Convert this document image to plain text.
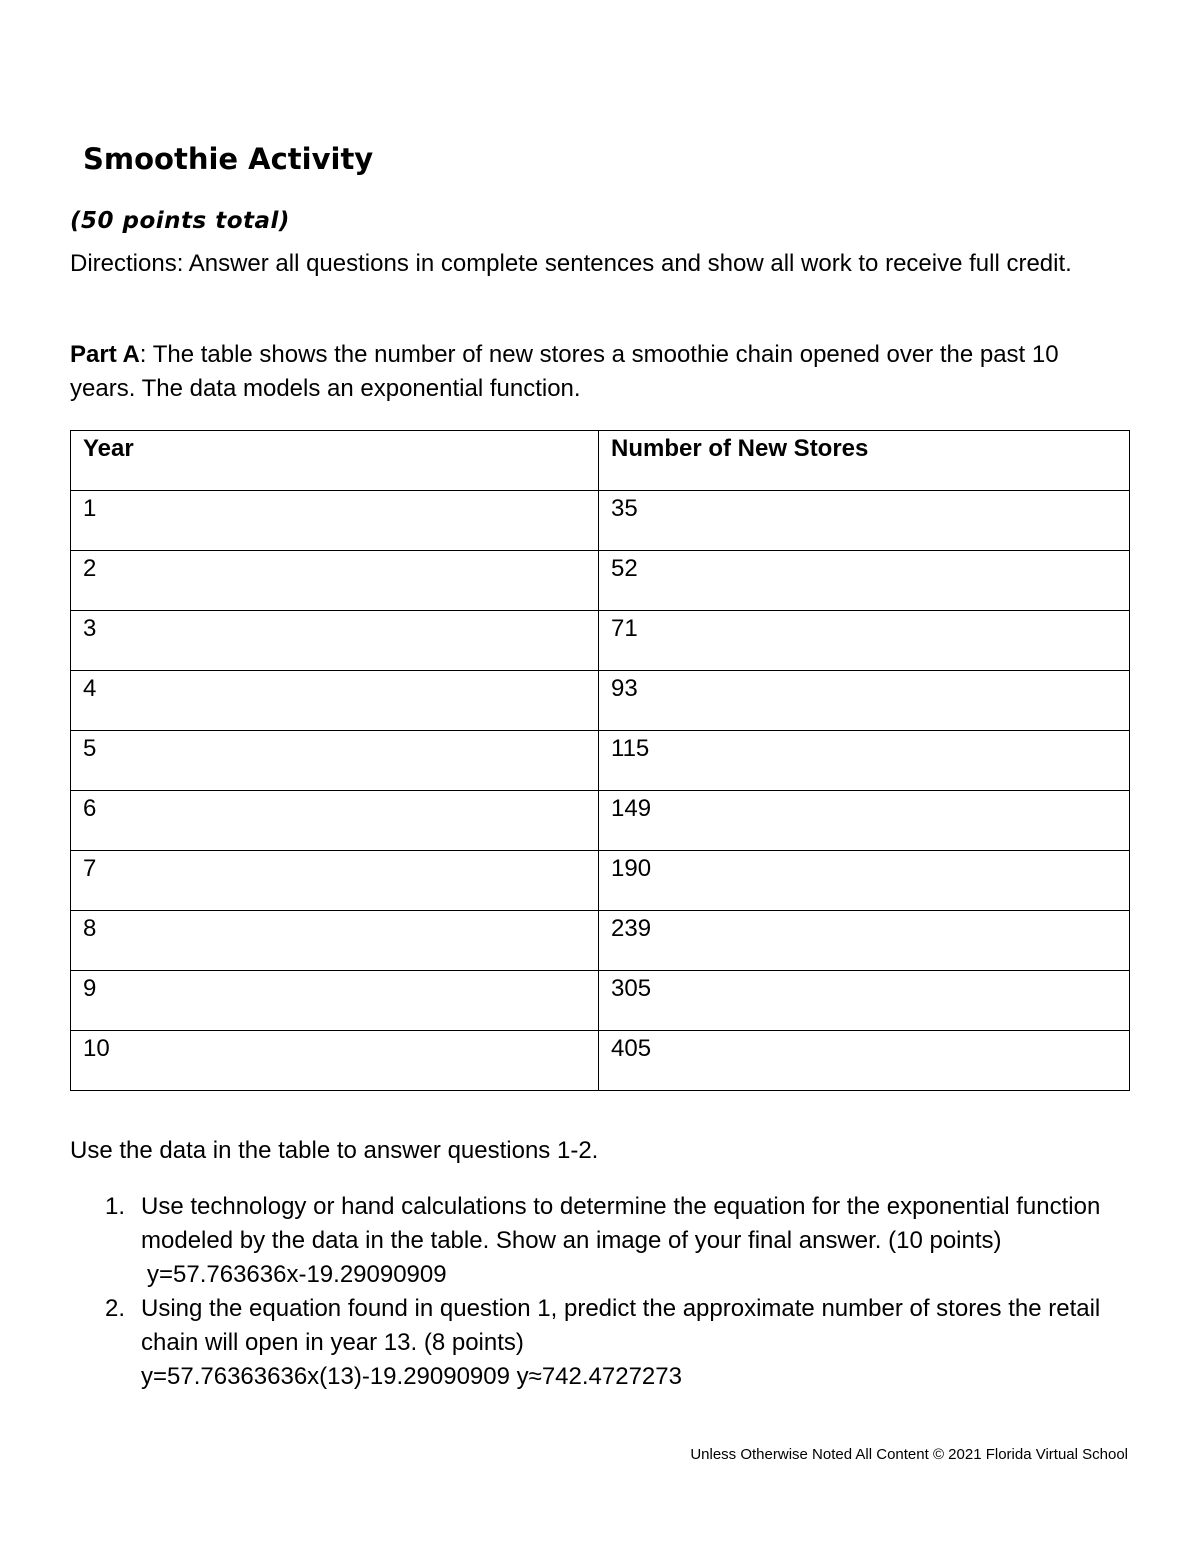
Smoothie Activity
(50 points total)
Directions: Answer all questions in complete sentences and show all work to receive full credit.
Part A: The table shows the number of new stores a smoothie chain opened over the past 10 years. The data models an exponential function.
Year	Number of New Stores
1	35
2	52
3	71
4	93
5	115
6	149
7	190
8	239
9	305
10	405
Use the data in the table to answer questions 1-2.
1. Use technology or hand calculations to determine the equation for the exponential function modeled by the data in the table. Show an image of your final answer. (10 points)
y=57.763636x-19.29090909
2. Using the equation found in question 1, predict the approximate number of stores the retail chain will open in year 13. (8 points)
y=57.76363636x(13)-19.29090909 y≈742.4727273
Unless Otherwise Noted All Content © 2021 Florida Virtual School
